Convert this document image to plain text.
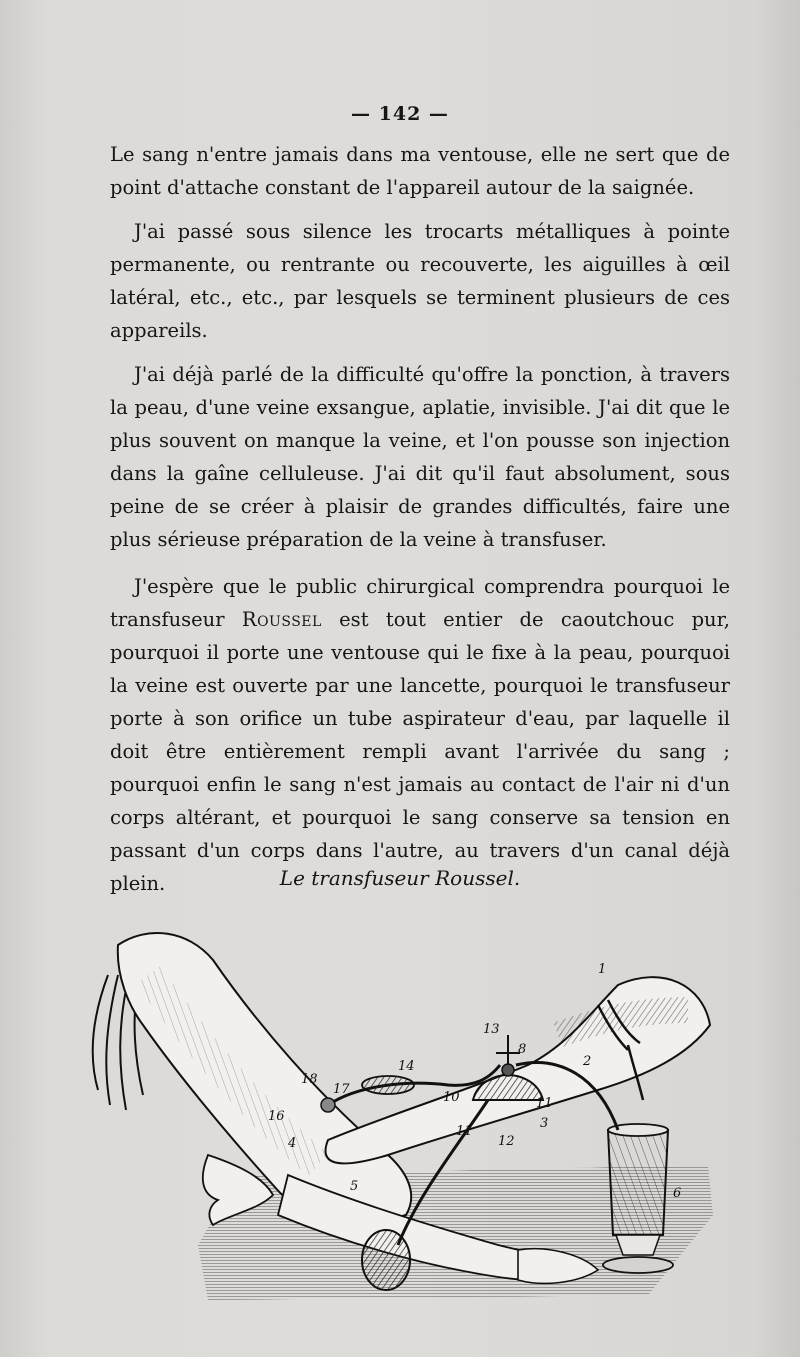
— 142 —

Le sang n'entre jamais dans ma ventouse, elle ne sert que de point d'attache constant de l'appareil autour de la saignée.

J'ai passé sous silence les trocarts métalliques à pointe permanente, ou rentrante ou recouverte, les aiguilles à œil latéral, etc., etc., par lesquels se terminent plusieurs de ces appareils.

J'ai déjà parlé de la difficulté qu'offre la ponction, à travers la peau, d'une veine exsangue, aplatie, invisible. J'ai dit que le plus souvent on manque la veine, et l'on pousse son injection dans la gaîne celluleuse. J'ai dit qu'il faut absolument, sous peine de se créer à plaisir de grandes difficultés, faire une plus sérieuse préparation de la veine à transfuser.

J'espère que le public chirurgical comprendra pourquoi le transfuseur Roussel est tout entier de caoutchouc pur, pourquoi il porte une ventouse qui le fixe à la peau, pourquoi la veine est ouverte par une lancette, pourquoi le transfuseur porte à son orifice un tube aspirateur d'eau, par laquelle il doit être entièrement rempli avant l'arrivée du sang ; pourquoi enfin le sang n'est jamais au contact de l'air ni d'un corps altérant, et pourquoi le sang conserve sa tension en passant d'un corps dans l'autre, au travers d'un canal déjà plein.	Le transfuseur Roussel.
1
2
3
4
5	6
8
10	11
11
12
13
14
16
17
18
